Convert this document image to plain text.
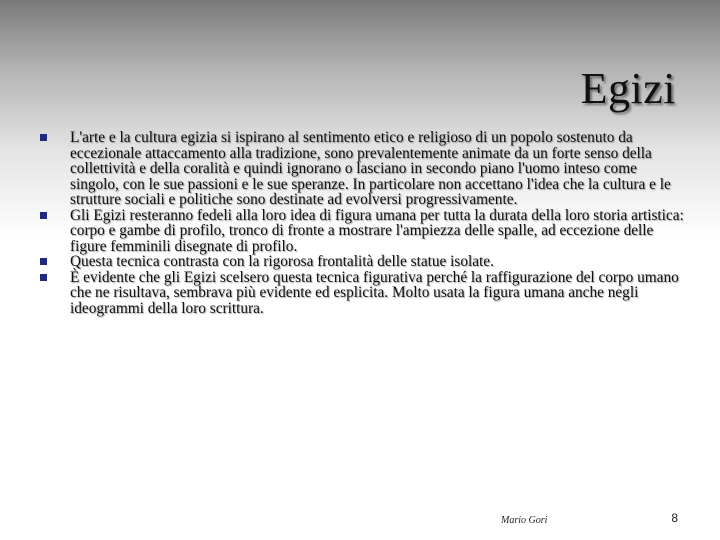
Egizi
L'arte e la cultura egizia si ispirano al sentimento etico e religioso di un popolo sostenuto da eccezionale attaccamento alla tradizione, sono prevalentemente animate da un forte senso della collettività e della coralità e quindi ignorano o lasciano in secondo piano l'uomo inteso come singolo, con le sue passioni e le sue speranze. In particolare non accettano l'idea che la cultura e le strutture sociali e politiche sono destinate ad evolversi progressivamente.
Gli Egizi resteranno fedeli alla loro idea di figura umana per tutta la durata della loro storia artistica: corpo e gambe di profilo, tronco di fronte a mostrare l'ampiezza delle spalle, ad eccezione delle figure femminili disegnate di profilo.
Questa tecnica contrasta con la rigorosa frontalità delle statue isolate.
È evidente che gli Egizi scelsero questa tecnica figurativa perché la raffigurazione del corpo umano che ne risultava, sembrava più evidente ed esplicita. Molto usata la figura umana anche negli ideogrammi della loro scrittura.
Mario Gori	8
